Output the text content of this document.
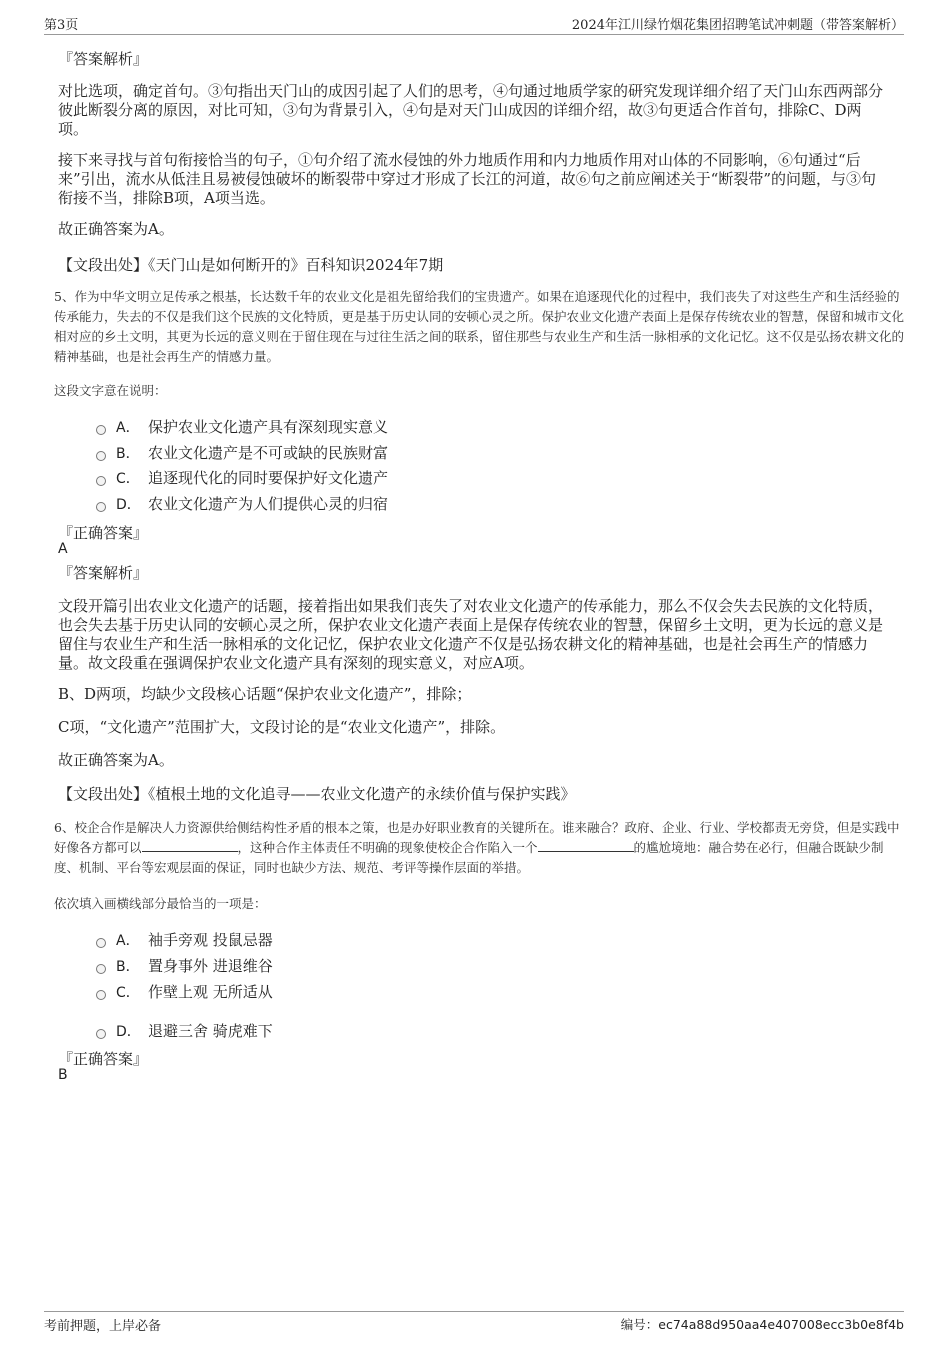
第3页	2024年江川绿竹烟花集团招聘笔试冲刺题（带答案解析）
『答案解析』
对比选项，确定首句。③句指出天门山的成因引起了人们的思考，④句通过地质学家的研究发现详细介绍了天门山东西两部分彼此断裂分离的原因，对比可知，③句为背景引入，④句是对天门山成因的详细介绍，故③句更适合作首句，排除C、D两项。
接下来寻找与首句衔接恰当的句子，①句介绍了流水侵蚀的外力地质作用和内力地质作用对山体的不同影响，⑥句通过“后来”引出，流水从低洼且易被侵蚀破坏的断裂带中穿过才形成了长江的河道，故⑥句之前应阐述关于“断裂带”的问题，与③句衔接不当，排除B项，A项当选。
故正确答案为A。
【文段出处】《天门山是如何断开的》百科知识2024年7期
5、作为中华文明立足传承之根基，长达数千年的农业文化是祖先留给我们的宝贵遗产。如果在追逐现代化的过程中，我们丧失了对这些生产和生活经验的传承能力，失去的不仅是我们这个民族的文化特质，更是基于历史认同的安顿心灵之所。保护农业文化遗产表面上是保存传统农业的智慧，保留和城市文化相对应的乡土文明，其更为长远的意义则在于留住现在与过往生活之间的联系，留住那些与农业生产和生活一脉相承的文化记忆。这不仅是弘扬农耕文化的精神基础，也是社会再生产的情感力量。
这段文字意在说明：
A． 保护农业文化遗产具有深刻现实意义
B． 农业文化遗产是不可或缺的民族财富
C． 追逐现代化的同时要保护好文化遗产
D． 农业文化遗产为人们提供心灵的归宿
『正确答案』
A
『答案解析』
文段开篇引出农业文化遗产的话题，接着指出如果我们丧失了对农业文化遗产的传承能力，那么不仅会失去民族的文化特质，也会失去基于历史认同的安顿心灵之所，保护农业文化遗产表面上是保存传统农业的智慧，保留乡土文明，更为长远的意义是留住与农业生产和生活一脉相承的文化记忆，保护农业文化遗产不仅是弘扬农耕文化的精神基础，也是社会再生产的情感力量。故文段重在强调保护农业文化遗产具有深刻的现实意义，对应A项。
B、D两项，均缺少文段核心话题“保护农业文化遗产”，排除；
C项，“文化遗产”范围扩大，文段讨论的是“农业文化遗产”，排除。
故正确答案为A。
【文段出处】《植根土地的文化追寻——农业文化遗产的永续价值与保护实践》
6、校企合作是解决人力资源供给侧结构性矛盾的根本之策，也是办好职业教育的关键所在。谁来融合？政府、企业、行业、学校都责无旁贷，但是实践中好像各方都可以	，这种合作主体责任不明确的现象使校企合作陷入一个	的尴尬境地：融合势在必行，但融合既缺少制度、机制、平台等宏观层面的保证，同时也缺少方法、规范、考评等操作层面的举措。
依次填入画横线部分最恰当的一项是：
A． 袖手旁观 投鼠忌器
B． 置身事外 进退维谷
C． 作壁上观 无所适从
D． 退避三舍 骑虎难下
『正确答案』
B
考前押题，上岸必备	编号：ec74a88d950aa4e407008ecc3b0e8f4b
